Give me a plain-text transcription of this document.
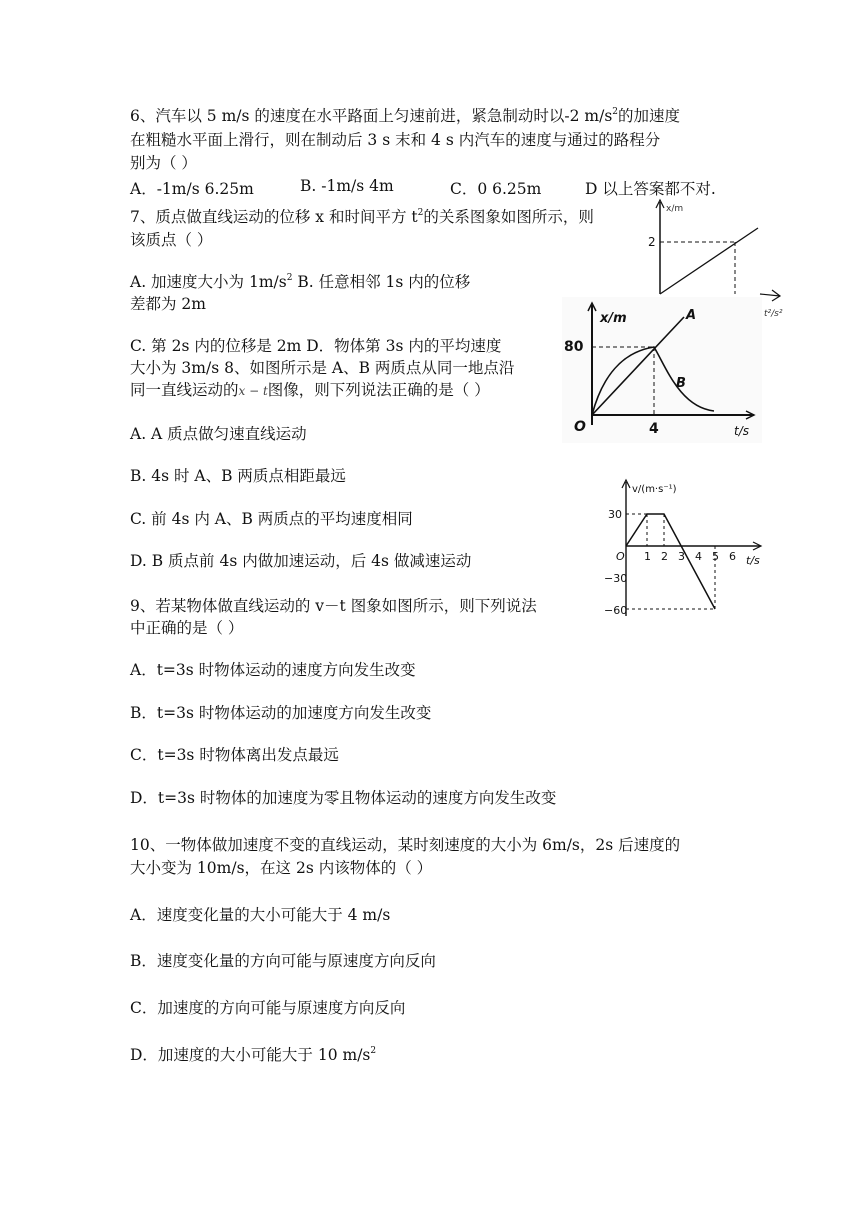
6、汽车以 5 m/s 的速度在水平路面上匀速前进，紧急制动时以-2 $m/s^2$的加速度
在粗糙水平面上滑行，则在制动后 3 s 末和 4 s 内汽车的速度与通过的路程分
别为（ ）
A．-1m/s 6.25m	B. -1m/s 4m	C．0 6.25m	D 以上答案都不对.
7、质点做直线运动的位移 x 和时间平方 $t^2$的关系图象如图所示，则
该质点（ ）
A. 加速度大小为 $1m/s^2$ B. 任意相邻 1s 内的位移
差都为 2m
C. 第 2s 内的位移是 2m D．物体第 3s 内的平均速度
大小为 3m/s 8、如图所示是 A、B 两质点从同一地点沿
同一直线运动的x − t图像，则下列说法正确的是（ ）
A. A 质点做匀速直线运动
B. 4s 时 A、B 两质点相距最远
C. 前 4s 内 A、B 两质点的平均速度相同
D. B 质点前 4s 内做加速运动，后 4s 做减速运动
9、若某物体做直线运动的 v－t 图象如图所示，则下列说法
中正确的是（ ）
A．t=3s 时物体运动的速度方向发生改变
B．t=3s 时物体运动的加速度方向发生改变
C．t=3s 时物体离出发点最远
D．t=3s 时物体的加速度为零且物体运动的速度方向发生改变
10、一物体做加速度不变的直线运动，某时刻速度的大小为 6m/s，2s 后速度的
大小变为 10m/s，在这 2s 内该物体的（ ）
A．速度变化量的大小可能大于 4 m/s
B．速度变化量的方向可能与原速度方向反向
C．加速度的方向可能与原速度方向反向
D．加速度的大小可能大于 10 $m/s^2$
x/m
2
t²/s²
x/m
t/s
O
80
4
A
B
v/(m·s⁻¹)
t/s
O
30
−30
−60
1 2 3 4 5 6
